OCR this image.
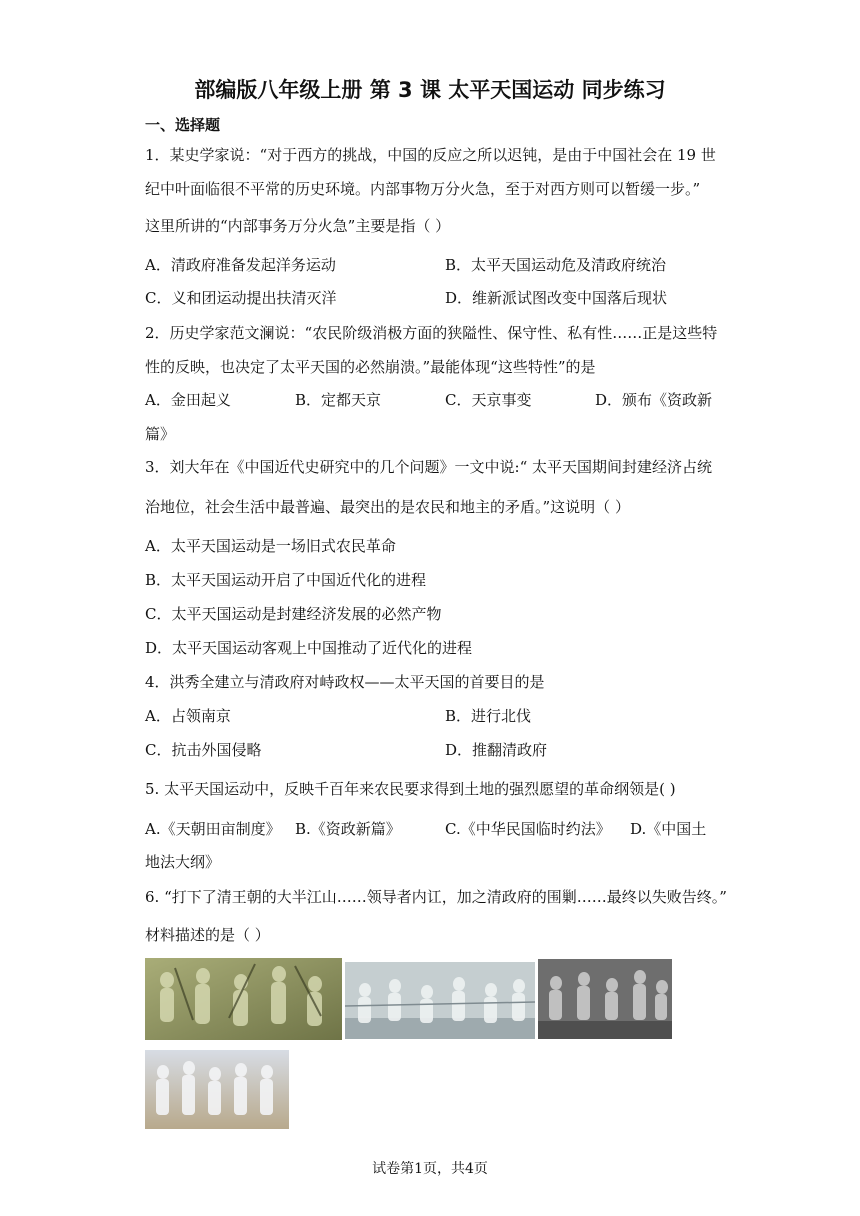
部编版八年级上册 第 3 课 太平天国运动 同步练习
一、选择题
1．某史学家说：“对于西方的挑战，中国的反应之所以迟钝，是由于中国社会在 19 世
纪中叶面临很不平常的历史环境。内部事物万分火急，至于对西方则可以暂缓一步。”
这里所讲的“内部事务万分火急”主要是指（ ）
A．清政府准备发起洋务运动	B．太平天国运动危及清政府统治
C．义和团运动提出扶清灭洋	D．维新派试图改变中国落后现状
2．历史学家范文澜说：“农民阶级消极方面的狭隘性、保守性、私有性……正是这些特
性的反映，也决定了太平天国的必然崩溃。”最能体现“这些特性”的是
A．金田起义	B．定都天京	C．天京事变	D．颁布《资政新
篇》
3．刘大年在《中国近代史研究中的几个问题》一文中说:“ 太平天国期间封建经济占统
治地位，社会生活中最普遍、最突出的是农民和地主的矛盾。”这说明（ ）
A．太平天国运动是一场旧式农民革命
B．太平天国运动开启了中国近代化的进程
C．太平天国运动是封建经济发展的必然产物
D．太平天国运动客观上中国推动了近代化的进程
4．洪秀全建立与清政府对峙政权——太平天国的首要目的是
A．占领南京	B．进行北伐
C．抗击外国侵略	D．推翻清政府
5. 太平天国运动中，反映千百年来农民要求得到土地的强烈愿望的革命纲领是( )
A.《天朝田亩制度》 B.《资政新篇》	C.《中华民国临时约法》 D.《中国土
地法大纲》
6. “打下了清王朝的大半江山……领导者内讧，加之清政府的围剿……最终以失败告终。”
材料描述的是（ ）
试卷第1页，共4页
